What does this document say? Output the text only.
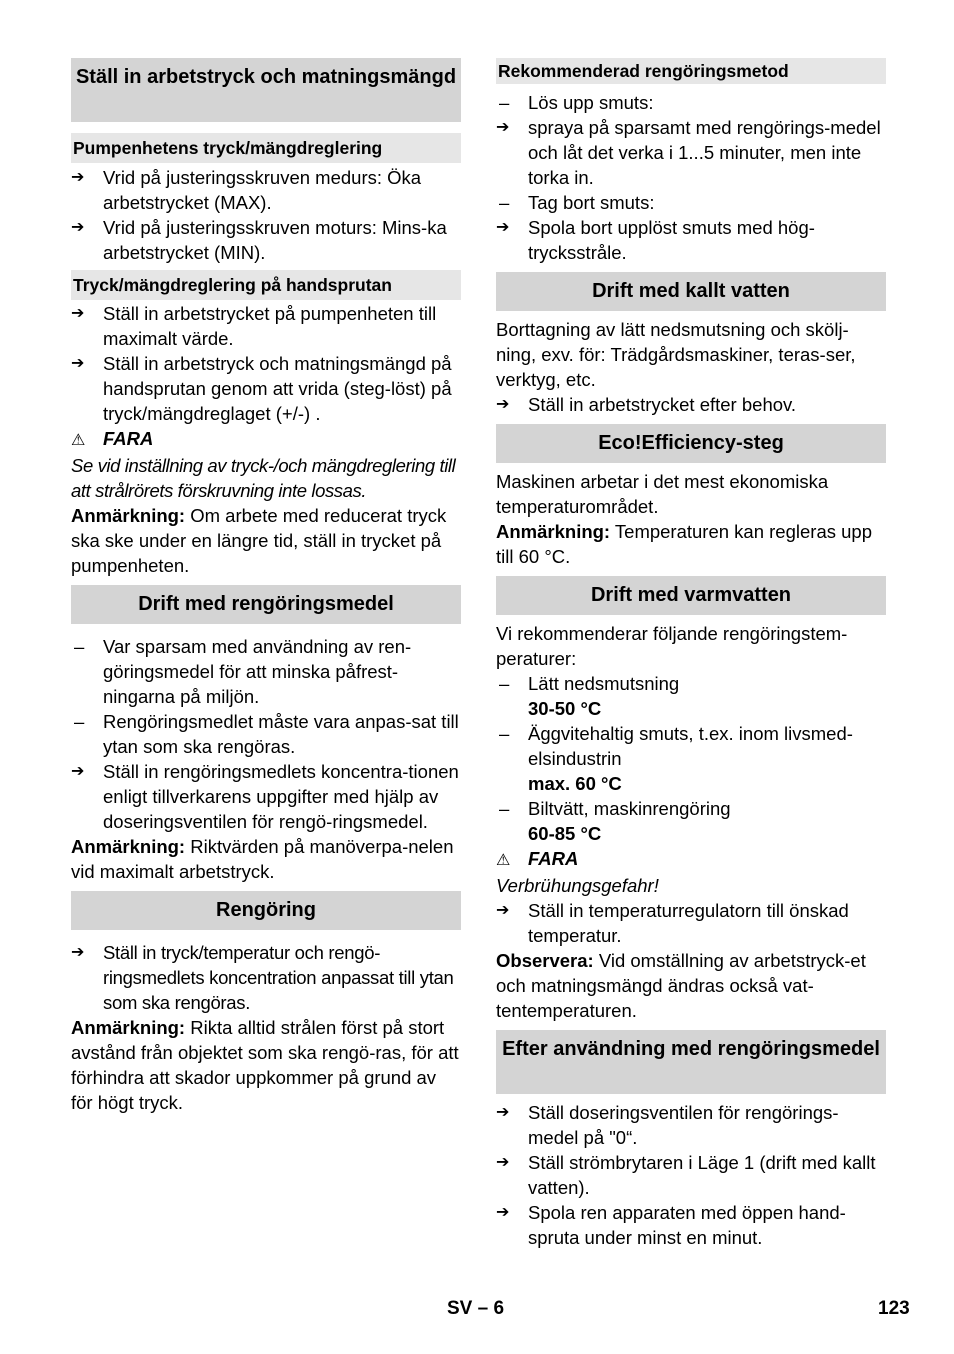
Ställ in arbetstryck och matningsmängd
Pumpenhetens tryck/mängdreglering
➔	Vrid på justeringsskruven medurs: Öka arbetstrycket (MAX).
➔	Vrid på justeringsskruven moturs: Mins-ka arbetstrycket (MIN).
Tryck/mängdreglering på handsprutan
➔	Ställ in arbetstrycket på pumpenheten till maximalt värde.
➔	Ställ in arbetstryck och matningsmängd på handsprutan genom att vrida (steg-löst) på tryck/mängdreglaget (+/-) .
⚠ FARA
Se vid inställning av tryck-/och mängdreglering till att strålrörets förskruvning inte lossas.
Anmärkning: Om arbete med reducerat tryck ska ske under en längre tid, ställ in trycket på pumpenheten.
Drift med rengöringsmedel
–	Var sparsam med användning av ren-göringsmedel för att minska påfrest-ningarna på miljön.
–	Rengöringsmedlet måste vara anpas-sat till ytan som ska rengöras.
➔	Ställ in rengöringsmedlets koncentra-tionen enligt tillverkarens uppgifter med hjälp av doseringsventilen för rengö-ringsmedel.
Anmärkning: Riktvärden på manöverpa-nelen vid maximalt arbetstryck.
Rengöring
➔	Ställ in tryck/temperatur och rengö-ringsmedlets koncentration anpassat till ytan som ska rengöras.
Anmärkning: Rikta alltid strålen först på stort avstånd från objektet som ska rengö-ras, för att förhindra att skador uppkommer på grund av för högt tryck.
Rekommenderad rengöringsmetod
–	Lös upp smuts:
➔	spraya på sparsamt med rengörings-medel och låt det verka i 1...5 minuter, men inte torka in.
–	Tag bort smuts:
➔	Spola bort upplöst smuts med hög-trycksstråle.
Drift med kallt vatten
Borttagning av lätt nedsmutsning och skölj-ning, exv. för: Trädgårdsmaskiner, teras-ser, verktyg, etc.
➔	Ställ in arbetstrycket efter behov.
Eco!Efficiency-steg
Maskinen arbetar i det mest ekonomiska temperaturområdet.
Anmärkning: Temperaturen kan regleras upp till 60 °C.
Drift med varmvatten
Vi rekommenderar följande rengöringstem-peraturer:
–	Lätt nedsmutsning
30-50 °C
–	Äggvitehaltig smuts, t.ex. inom livsmed-elsindustrin
max. 60 °C
–	Biltvätt, maskinrengöring
60-85 °C
⚠ FARA
Verbrühungsgefahr!
➔	Ställ in temperaturregulatorn till önskad temperatur.
Observera: Vid omställning av arbetstryck-et och matningsmängd ändras också vat-tentemperaturen.
Efter användning med rengöringsmedel
➔	Ställ doseringsventilen för rengörings-medel på "0“.
➔	Ställ strömbrytaren i Läge 1 (drift med kallt vatten).
➔	Spola ren apparaten med öppen hand-spruta under minst en minut.
SV – 6	123
